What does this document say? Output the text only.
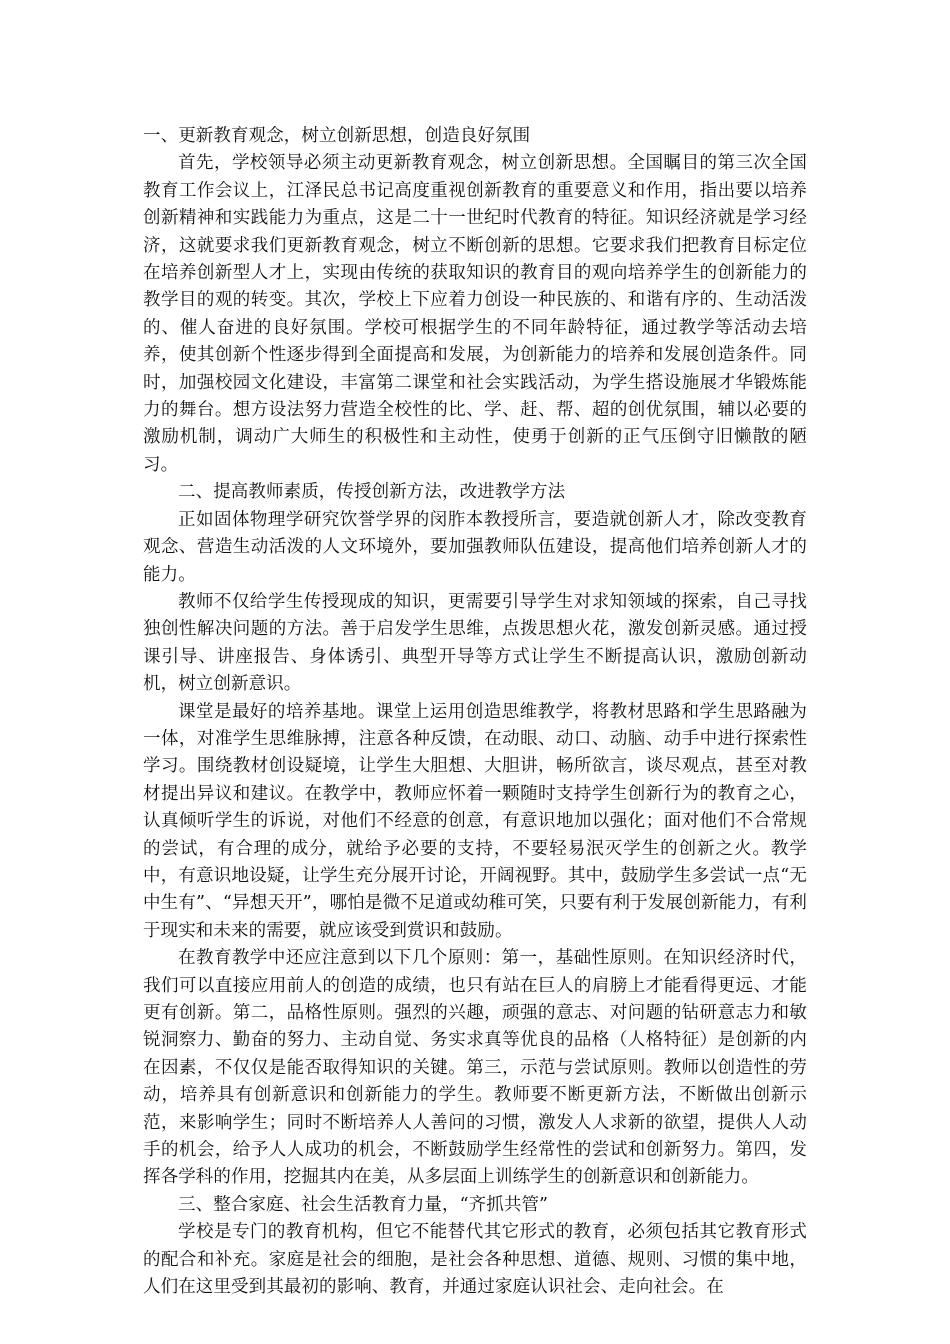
一、更新教育观念，树立创新思想，创造良好氛围

首先，学校领导必须主动更新教育观念，树立创新思想。全国瞩目的第三次全国教育工作会议上，江泽民总书记高度重视创新教育的重要意义和作用，指出要以培养创新精神和实践能力为重点，这是二十一世纪时代教育的特征。知识经济就是学习经济，这就要求我们更新教育观念，树立不断创新的思想。它要求我们把教育目标定位在培养创新型人才上，实现由传统的获取知识的教育目的观向培养学生的创新能力的教学目的观的转变。其次，学校上下应着力创设一种民族的、和谐有序的、生动活泼的、催人奋进的良好氛围。学校可根据学生的不同年龄特征，通过教学等活动去培养，使其创新个性逐步得到全面提高和发展，为创新能力的培养和发展创造条件。同时，加强校园文化建设，丰富第二课堂和社会实践活动，为学生搭设施展才华锻炼能力的舞台。想方设法努力营造全校性的比、学、赶、帮、超的创优氛围，辅以必要的激励机制，调动广大师生的积极性和主动性，使勇于创新的正气压倒守旧懒散的陋习。

二、提高教师素质，传授创新方法，改进教学方法

正如固体物理学研究饮誉学界的闵胙本教授所言，要造就创新人才，除改变教育观念、营造生动活泼的人文环境外，要加强教师队伍建设，提高他们培养创新人才的能力。

教师不仅给学生传授现成的知识，更需要引导学生对求知领域的探索，自己寻找独创性解决问题的方法。善于启发学生思维，点拨思想火花，激发创新灵感。通过授课引导、讲座报告、身体诱引、典型开导等方式让学生不断提高认识，激励创新动机，树立创新意识。

课堂是最好的培养基地。课堂上运用创造思维教学，将教材思路和学生思路融为一体，对准学生思维脉搏，注意各种反馈，在动眼、动口、动脑、动手中进行探索性学习。围绕教材创设疑境，让学生大胆想、大胆讲，畅所欲言，谈尽观点，甚至对教材提出异议和建议。在教学中，教师应怀着一颗随时支持学生创新行为的教育之心，认真倾听学生的诉说，对他们不经意的创意，有意识地加以强化；面对他们不合常规的尝试，有合理的成分，就给予必要的支持，不要轻易泯灭学生的创新之火。教学中，有意识地设疑，让学生充分展开讨论，开阔视野。其中，鼓励学生多尝试一点“无中生有”、“异想天开”，哪怕是微不足道或幼稚可笑，只要有利于发展创新能力，有利于现实和未来的需要，就应该受到赏识和鼓励。

在教育教学中还应注意到以下几个原则：第一，基础性原则。在知识经济时代，我们可以直接应用前人的创造的成绩，也只有站在巨人的肩膀上才能看得更远、才能更有创新。第二，品格性原则。强烈的兴趣，顽强的意志、对问题的钻研意志力和敏锐洞察力、勤奋的努力、主动自觉、务实求真等优良的品格（人格特征）是创新的内在因素，不仅仅是能否取得知识的关键。第三，示范与尝试原则。教师以创造性的劳动，培养具有创新意识和创新能力的学生。教师要不断更新方法，不断做出创新示范，来影响学生；同时不断培养人人善问的习惯，激发人人求新的欲望，提供人人动手的机会，给予人人成功的机会，不断鼓励学生经常性的尝试和创新努力。第四，发挥各学科的作用，挖掘其内在美，从多层面上训练学生的创新意识和创新能力。

三、整合家庭、社会生活教育力量，“齐抓共管”

学校是专门的教育机构，但它不能替代其它形式的教育，必须包括其它教育形式的配合和补充。家庭是社会的细胞，是社会各种思想、道德、规则、习惯的集中地，人们在这里受到其最初的影响、教育，并通过家庭认识社会、走向社会。在
